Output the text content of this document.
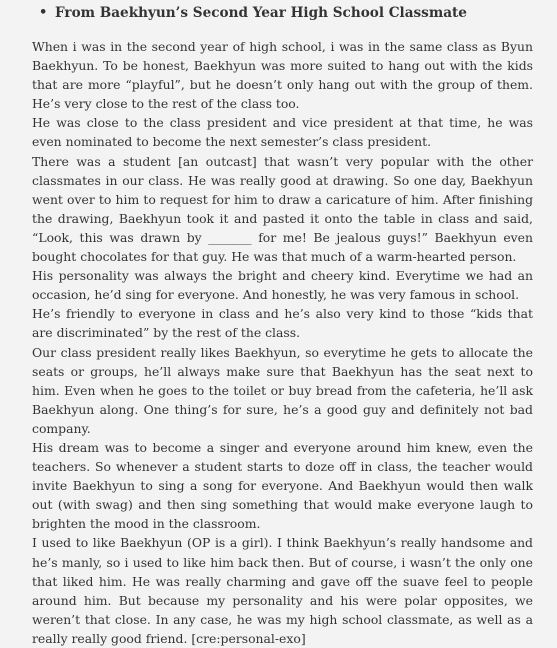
• From Baekhyun’s Second Year High School Classmate

When i was in the second year of high school, i was in the same class as Byun Baekhyun. To be honest, Baekhyun was more suited to hang out with the kids that are more “playful”, but he doesn’t only hang out with the group of them. He’s very close to the rest of the class too.

He was close to the class president and vice president at that time, he was even nominated to become the next semester’s class president.

There was a student [an outcast] that wasn’t very popular with the other classmates in our class. He was really good at drawing. So one day, Baekhyun went over to him to request for him to draw a caricature of him. After finishing the drawing, Baekhyun took it and pasted it onto the table in class and said, “Look, this was drawn by _______ for me! Be jealous guys!” Baekhyun even bought chocolates for that guy. He was that much of a warm-hearted person.

His personality was always the bright and cheery kind. Everytime we had an occasion, he’d sing for everyone. And honestly, he was very famous in school.

He’s friendly to everyone in class and he’s also very kind to those “kids that are discriminated” by the rest of the class.

Our class president really likes Baekhyun, so everytime he gets to allocate the seats or groups, he’ll always make sure that Baekhyun has the seat next to him. Even when he goes to the toilet or buy bread from the cafeteria, he’ll ask Baekhyun along. One thing’s for sure, he’s a good guy and definitely not bad company.

His dream was to become a singer and everyone around him knew, even the teachers. So whenever a student starts to doze off in class, the teacher would invite Baekhyun to sing a song for everyone. And Baekhyun would then walk out (with swag) and then sing something that would make everyone laugh to brighten the mood in the classroom.

I used to like Baekhyun (OP is a girl). I think Baekhyun’s really handsome and he’s manly, so i used to like him back then. But of course, i wasn’t the only one that liked him. He was really charming and gave off the suave feel to people around him. But because my personality and his were polar opposites, we weren’t that close. In any case, he was my high school classmate, as well as a really really good friend. [cre:personal-exo]
